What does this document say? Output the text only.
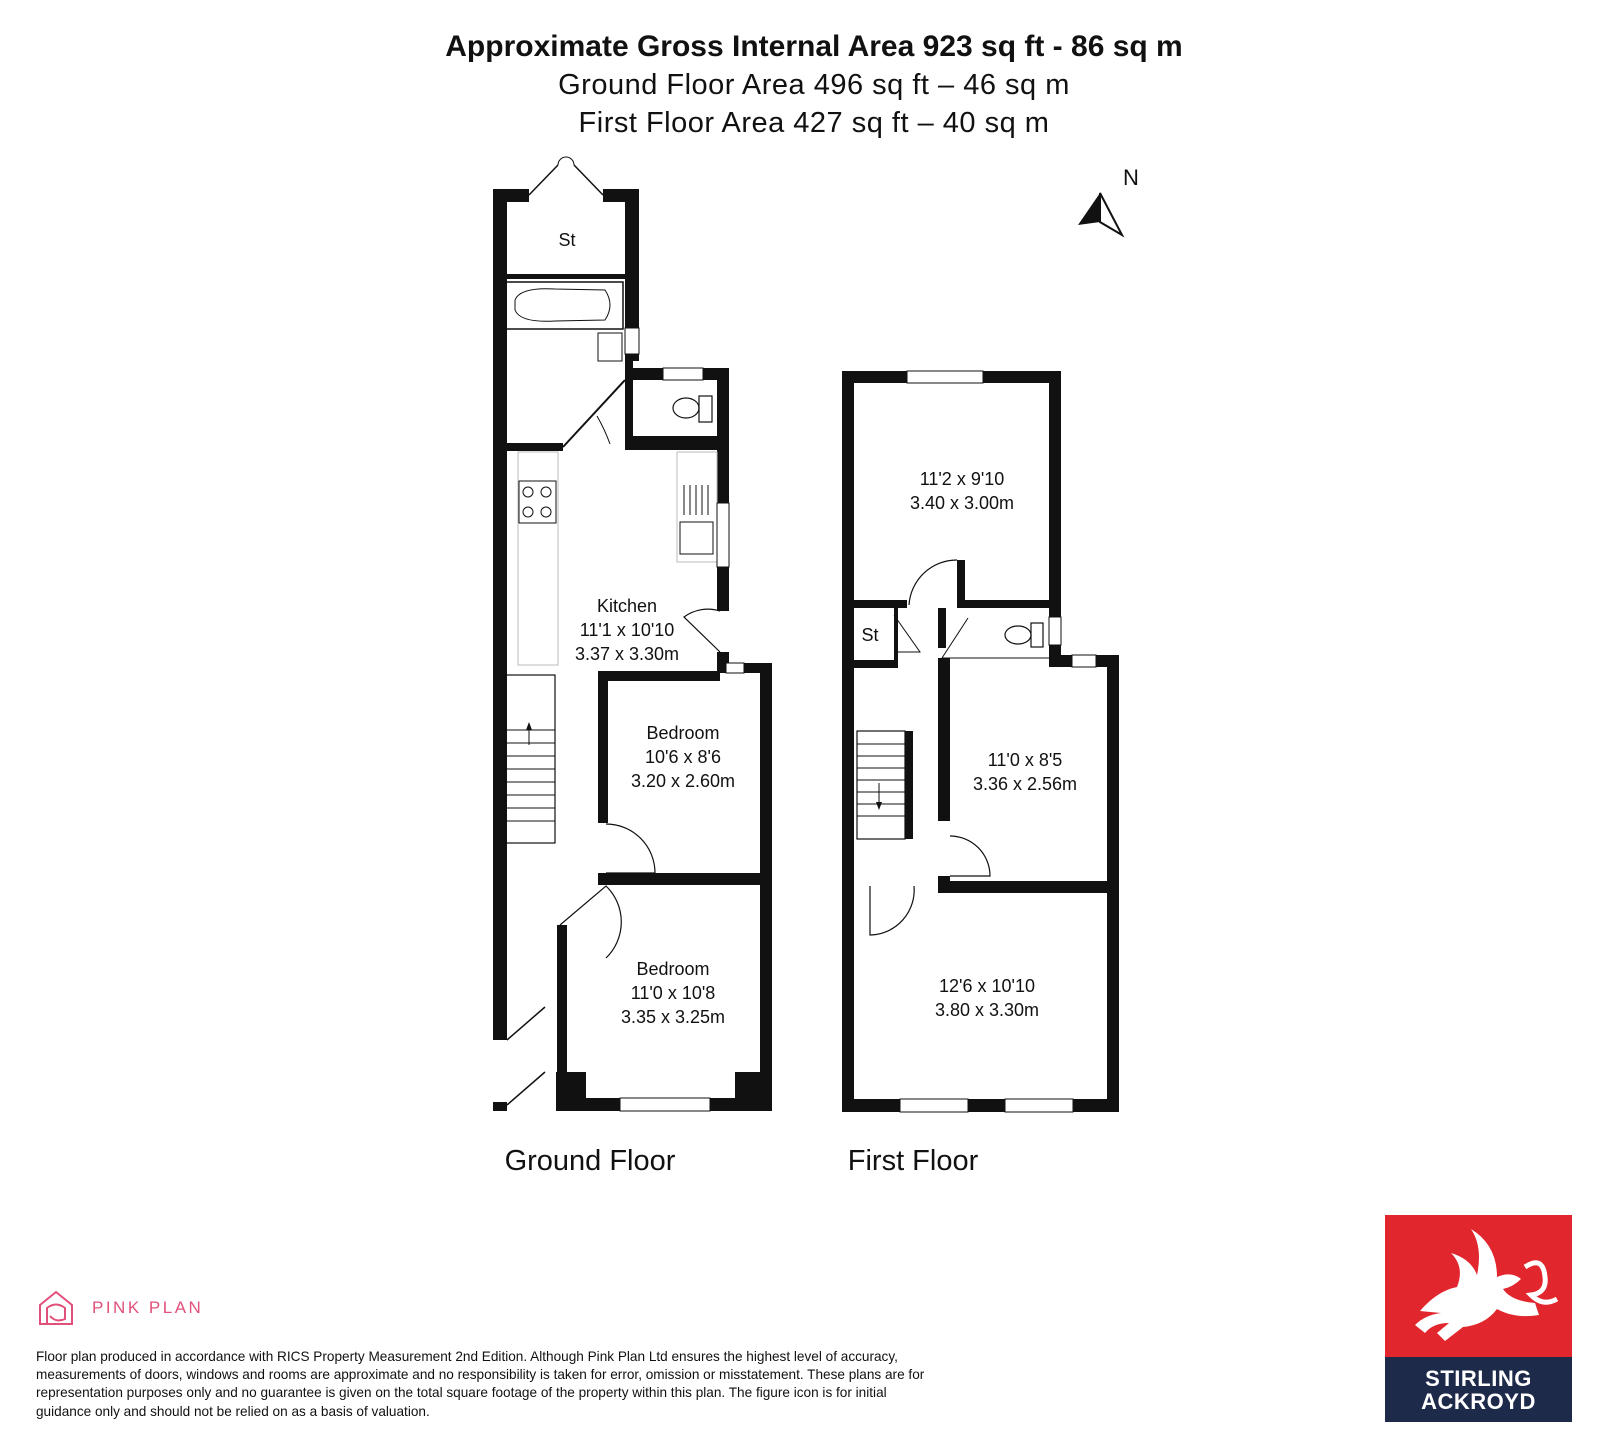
Approximate Gross Internal Area 923 sq ft - 86 sq m
Ground Floor Area 496 sq ft – 46 sq m
First Floor Area 427 sq ft – 40 sq m
N
St
Kitchen
11'1 x 10'10
3.37 x 3.30m
Bedroom
10'6 x 8'6
3.20 x 2.60m
Bedroom
11'0 x 10'8
3.35 x 3.25m
Ground Floor
11'2 x 9'10
3.40 x 3.00m
St
11'0 x 8'5
3.36 x 2.56m
12'6 x 10'10
3.80 x 3.30m
First Floor
PINK PLAN
Floor plan produced in accordance with RICS Property Measurement 2nd Edition. Although Pink Plan Ltd ensures the highest level of accuracy, measurements of doors, windows and rooms are approximate and no responsibility is taken for error, omission or misstatement. These plans are for representation purposes only and no guarantee is given on the total square footage of the property within this plan. The figure icon is for initial guidance only and should not be relied on as a basis of valuation.
STIRLING
ACKROYD
